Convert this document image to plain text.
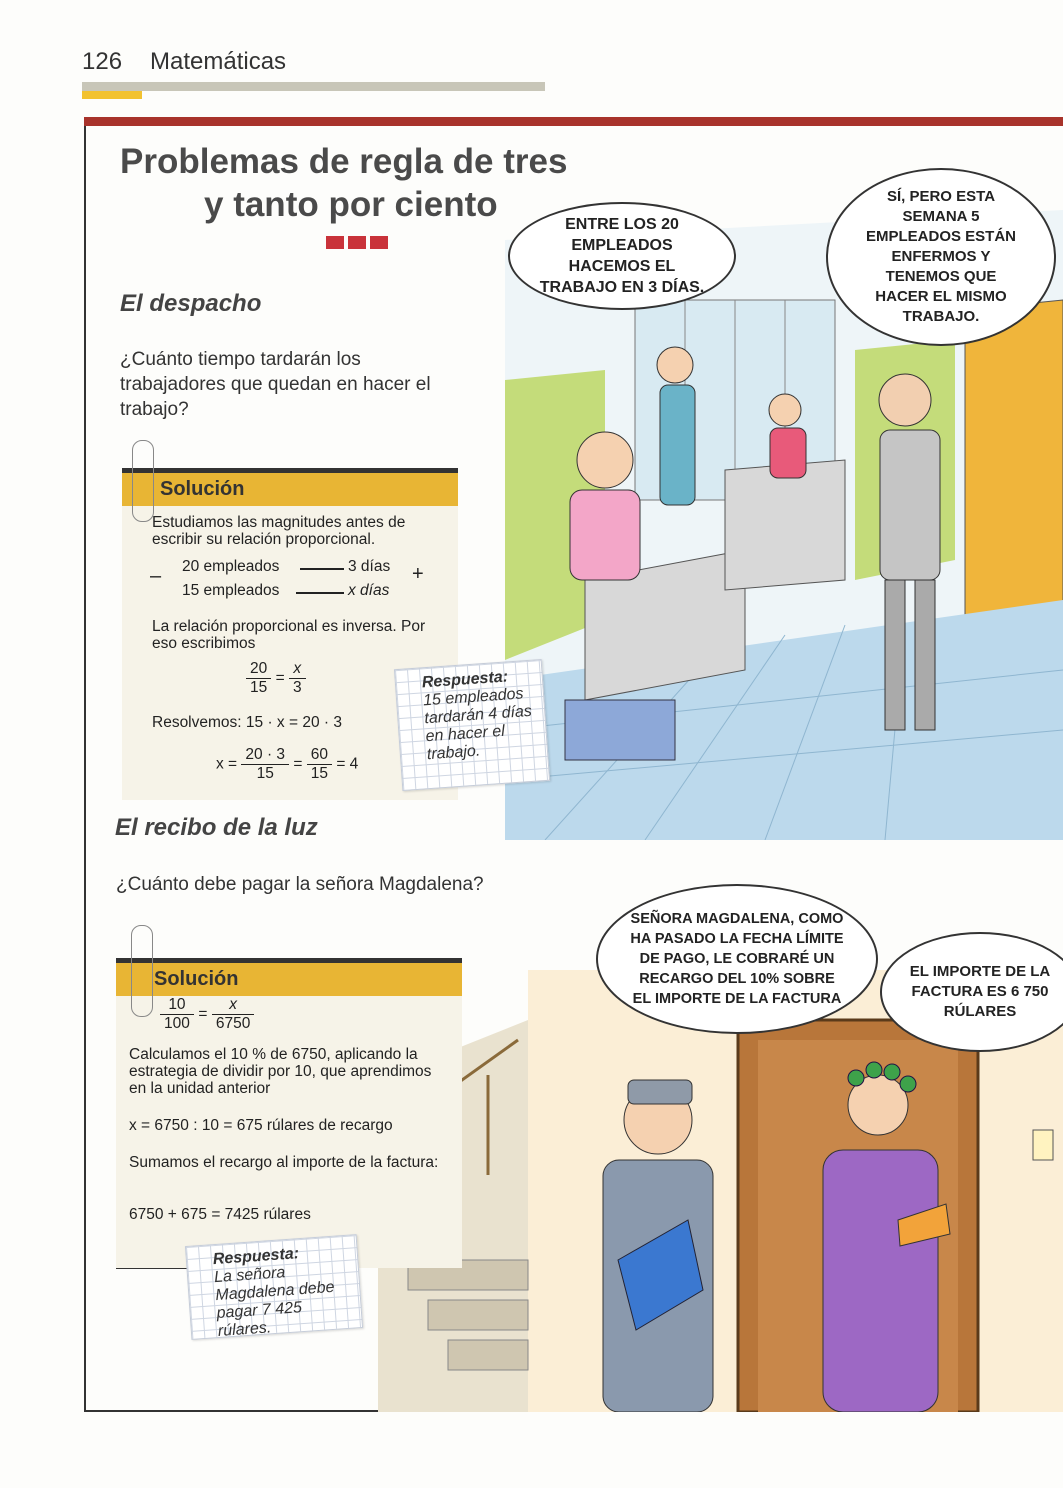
126 Matemáticas
Problemas de regla de tres
y tanto por ciento
ENTRE LOS 20 EMPLEADOS HACEMOS EL TRABAJO EN 3 DÍAS.
SÍ, PERO ESTA SEMANA 5 EMPLEADOS ESTÁN ENFERMOS Y TENEMOS QUE HACER EL MISMO TRABAJO.
El despacho
¿Cuánto tiempo tardarán los trabajadores que quedan en hacer el trabajo?
Solución
Estudiamos las magnitudes antes de escribir su relación proporcional.
– 20 empleados	3 días
15 empleados	x días
+
La relación proporcional es inversa. Por eso escribimos
$\frac{20}{15} = \frac{x}{3}$
Resolvemos: 15 · x = 20 · 3
$x = \frac{20 \cdot 3}{15} = \frac{60}{15} = 4$
Respuesta:
15 empleados tardarán 4 días en hacer el trabajo.
El recibo de la luz
¿Cuánto debe pagar la señora Magdalena?
SEÑORA MAGDALENA, COMO HA PASADO LA FECHA LÍMITE DE PAGO, LE COBRARÉ UN RECARGO DEL 10% SOBRE EL IMPORTE DE LA FACTURA
EL IMPORTE DE LA FACTURA ES 6 750 RÚLARES
Solución
$\frac{10}{100} = \frac{x}{6750}$
Calculamos el 10 % de 6750, aplicando la estrategia de dividir por 10, que aprendimos en la unidad anterior
x = 6750 : 10 = 675 rúlares de recargo
Sumamos el recargo al importe de la factura:
6750 + 675 = 7425 rúlares
Respuesta:
La señora Magdalena debe pagar 7 425 rúlares.
